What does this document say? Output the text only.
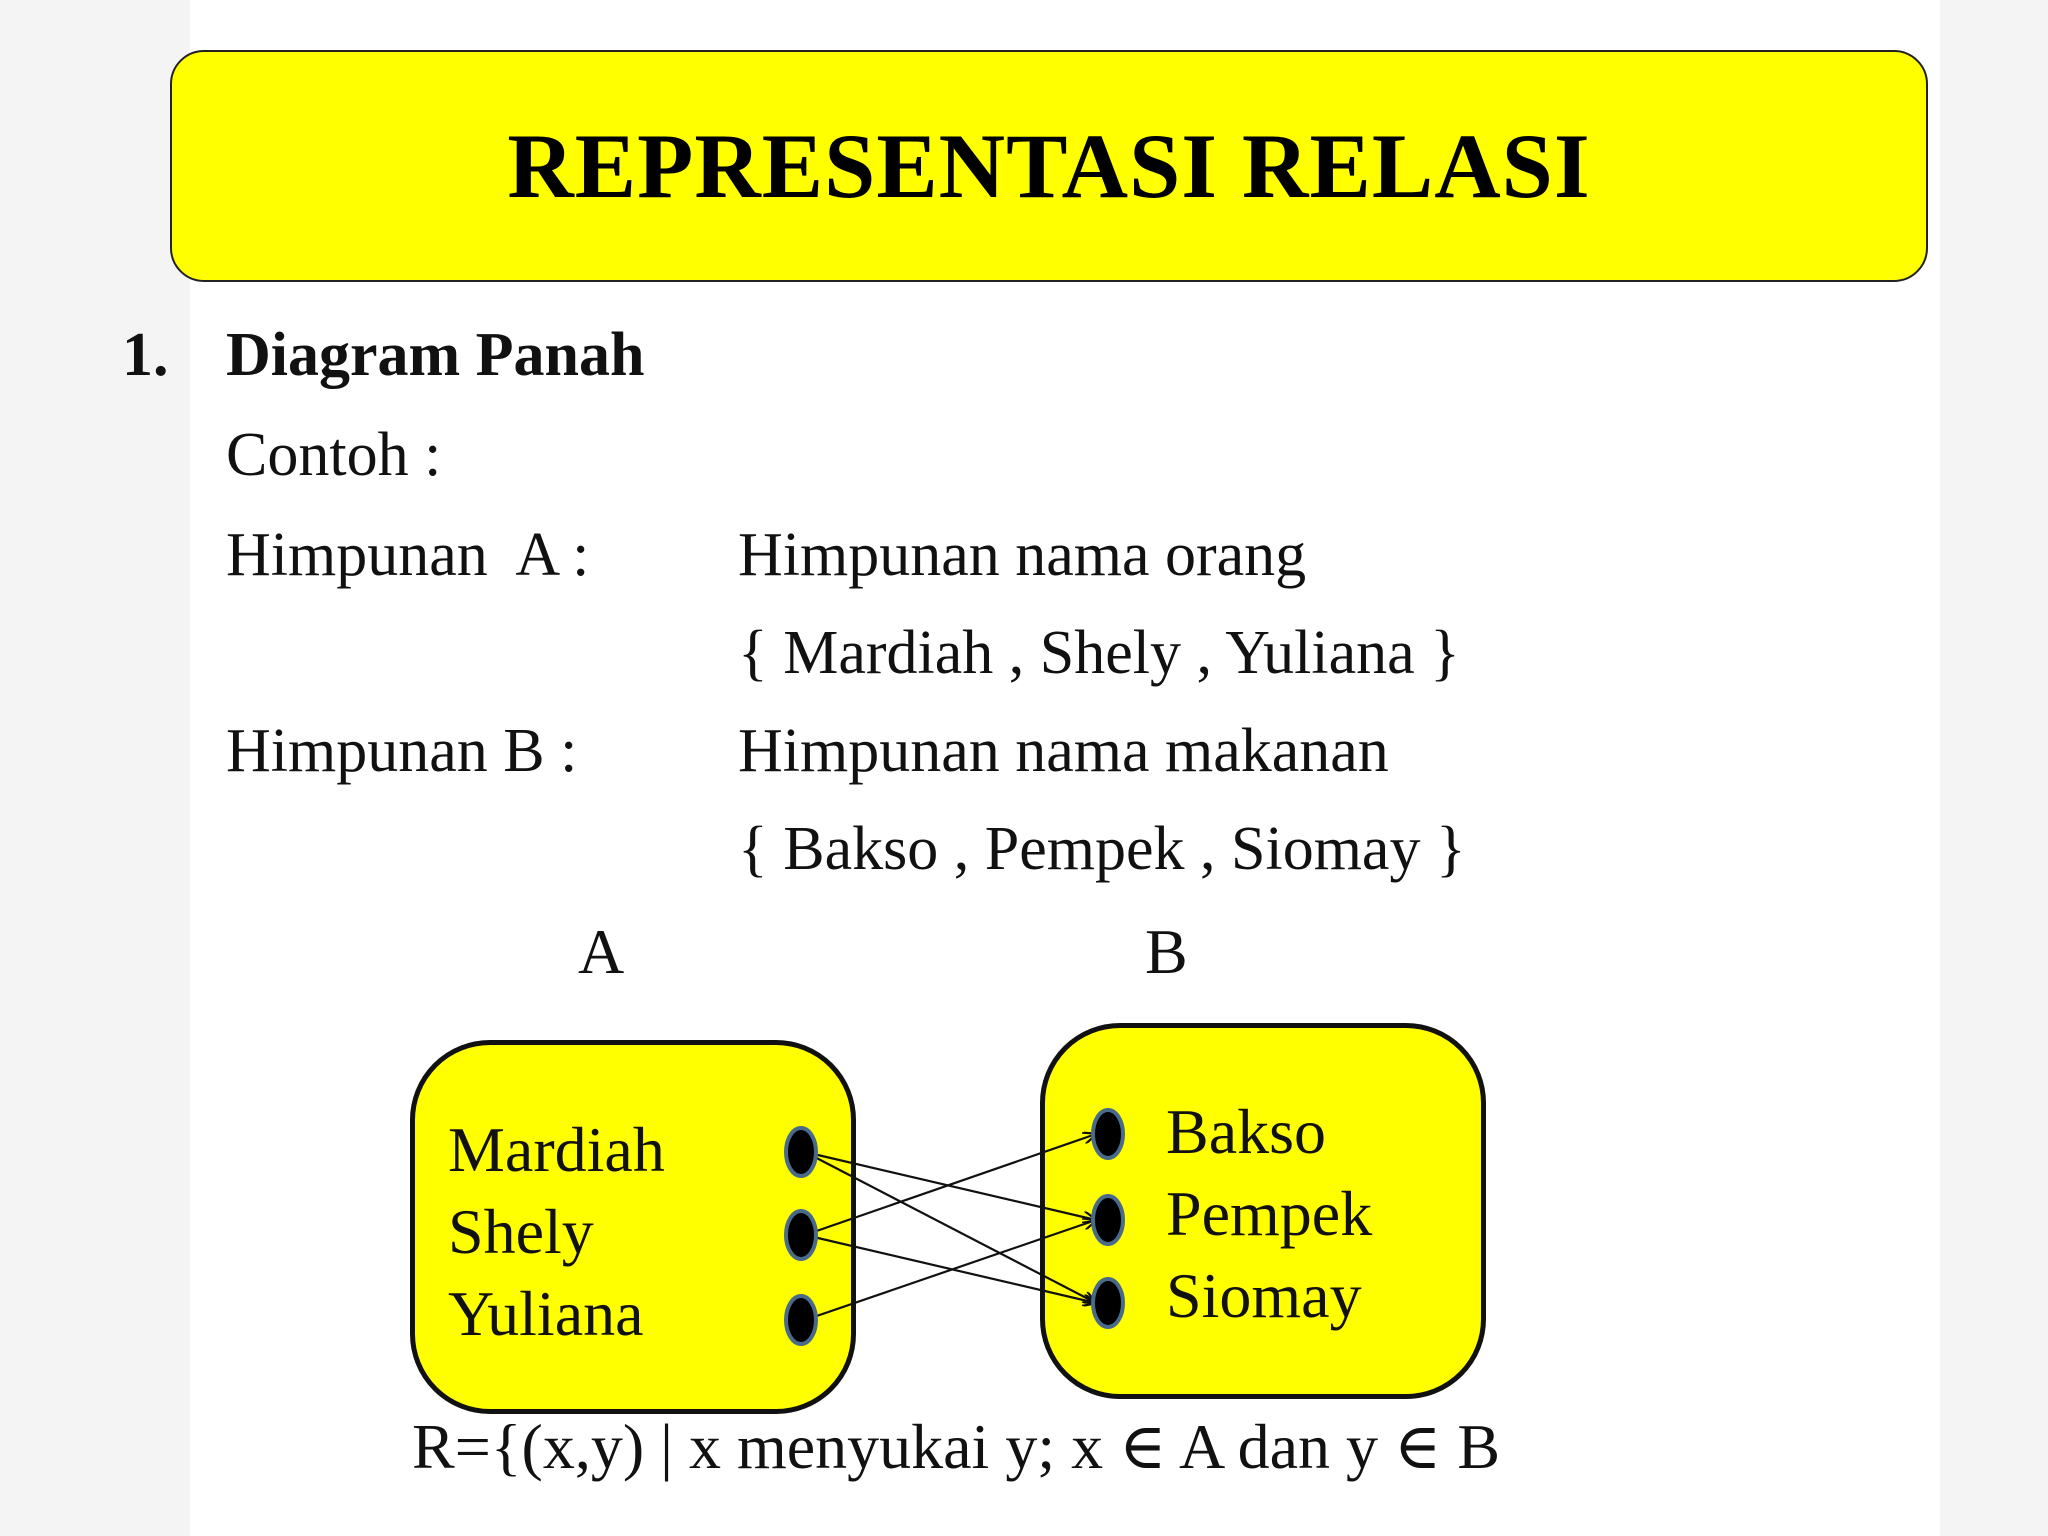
REPRESENTASI RELASI
1. Diagram Panah
Contoh :
Himpunan  A : Himpunan nama orang
{ Mardiah , Shely , Yuliana }
Himpunan B :	Himpunan nama makanan
{ Bakso , Pempek , Siomay }
A	B
Mardiah
Shely
Yuliana
Bakso
Pempek
Siomay
R={(x,y) | x menyukai y; x ∈ A dan y ∈ B
